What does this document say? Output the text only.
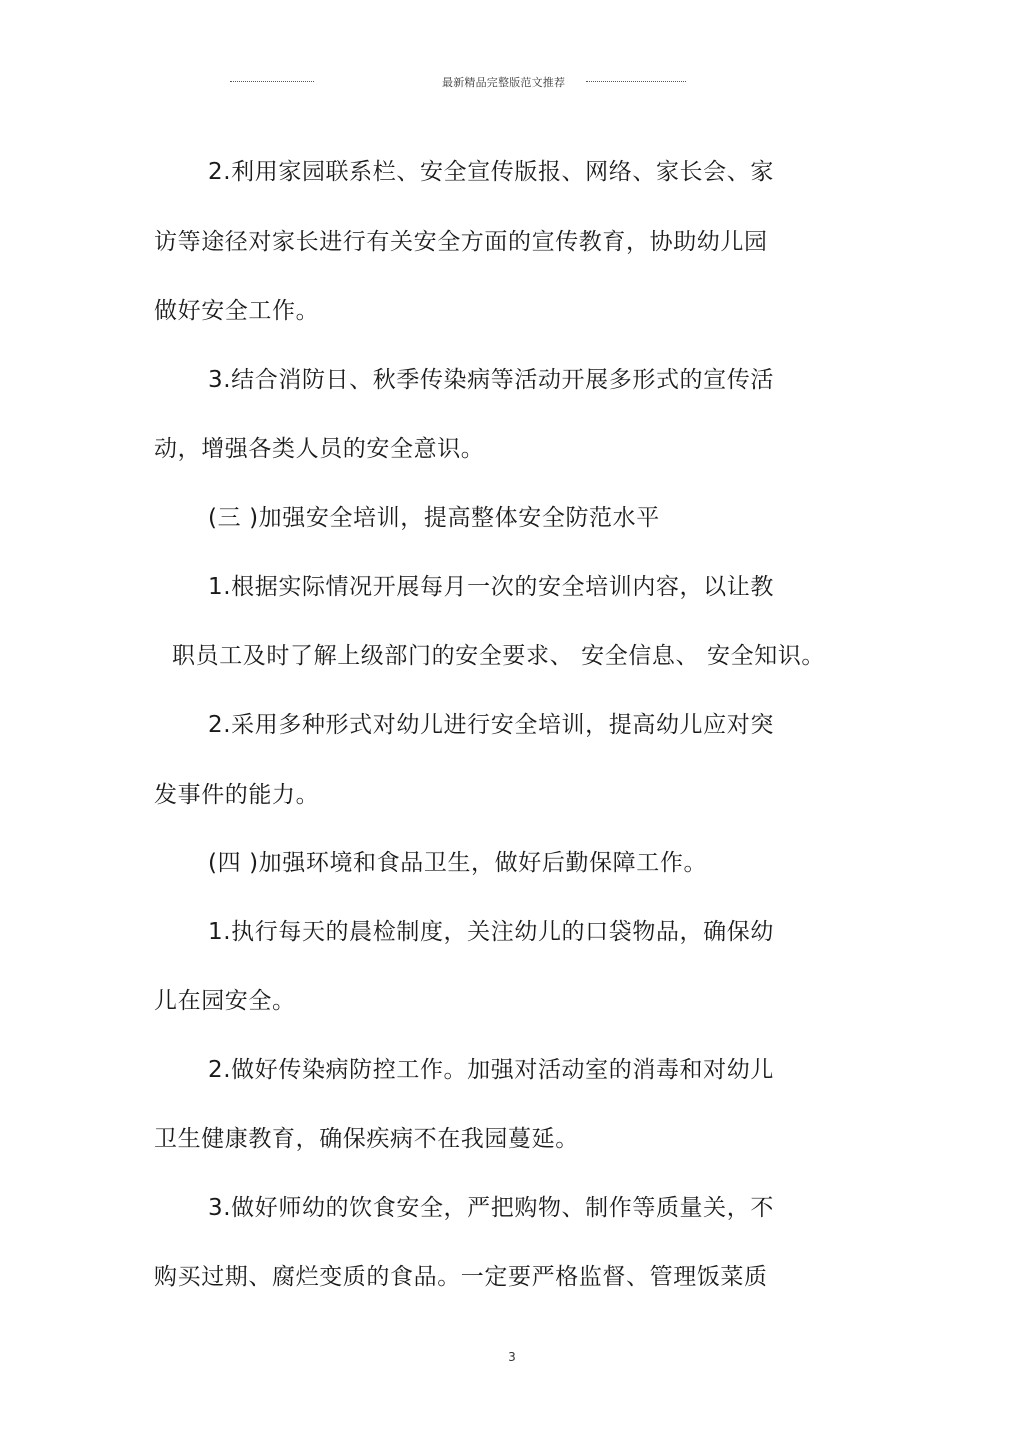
最新精品完整版范文推荐
2.利用家园联系栏、安全宣传版报、网络、家长会、家
访等途径对家长进行有关安全方面的宣传教育，协助幼儿园
做好安全工作。
3.结合消防日、秋季传染病等活动开展多形式的宣传活
动，增强各类人员的安全意识。
(三 )加强安全培训，提高整体安全防范水平
1.根据实际情况开展每月一次的安全培训内容，以让教
职员工及时了解上级部门的安全要求、 安全信息、 安全知识。
2.采用多种形式对幼儿进行安全培训，提高幼儿应对突
发事件的能力。
(四 )加强环境和食品卫生，做好后勤保障工作。
1.执行每天的晨检制度，关注幼儿的口袋物品，确保幼
儿在园安全。
2.做好传染病防控工作。加强对活动室的消毒和对幼儿
卫生健康教育，确保疾病不在我园蔓延。
3.做好师幼的饮食安全，严把购物、制作等质量关，不
购买过期、腐烂变质的食品。一定要严格监督、管理饭菜质
3
